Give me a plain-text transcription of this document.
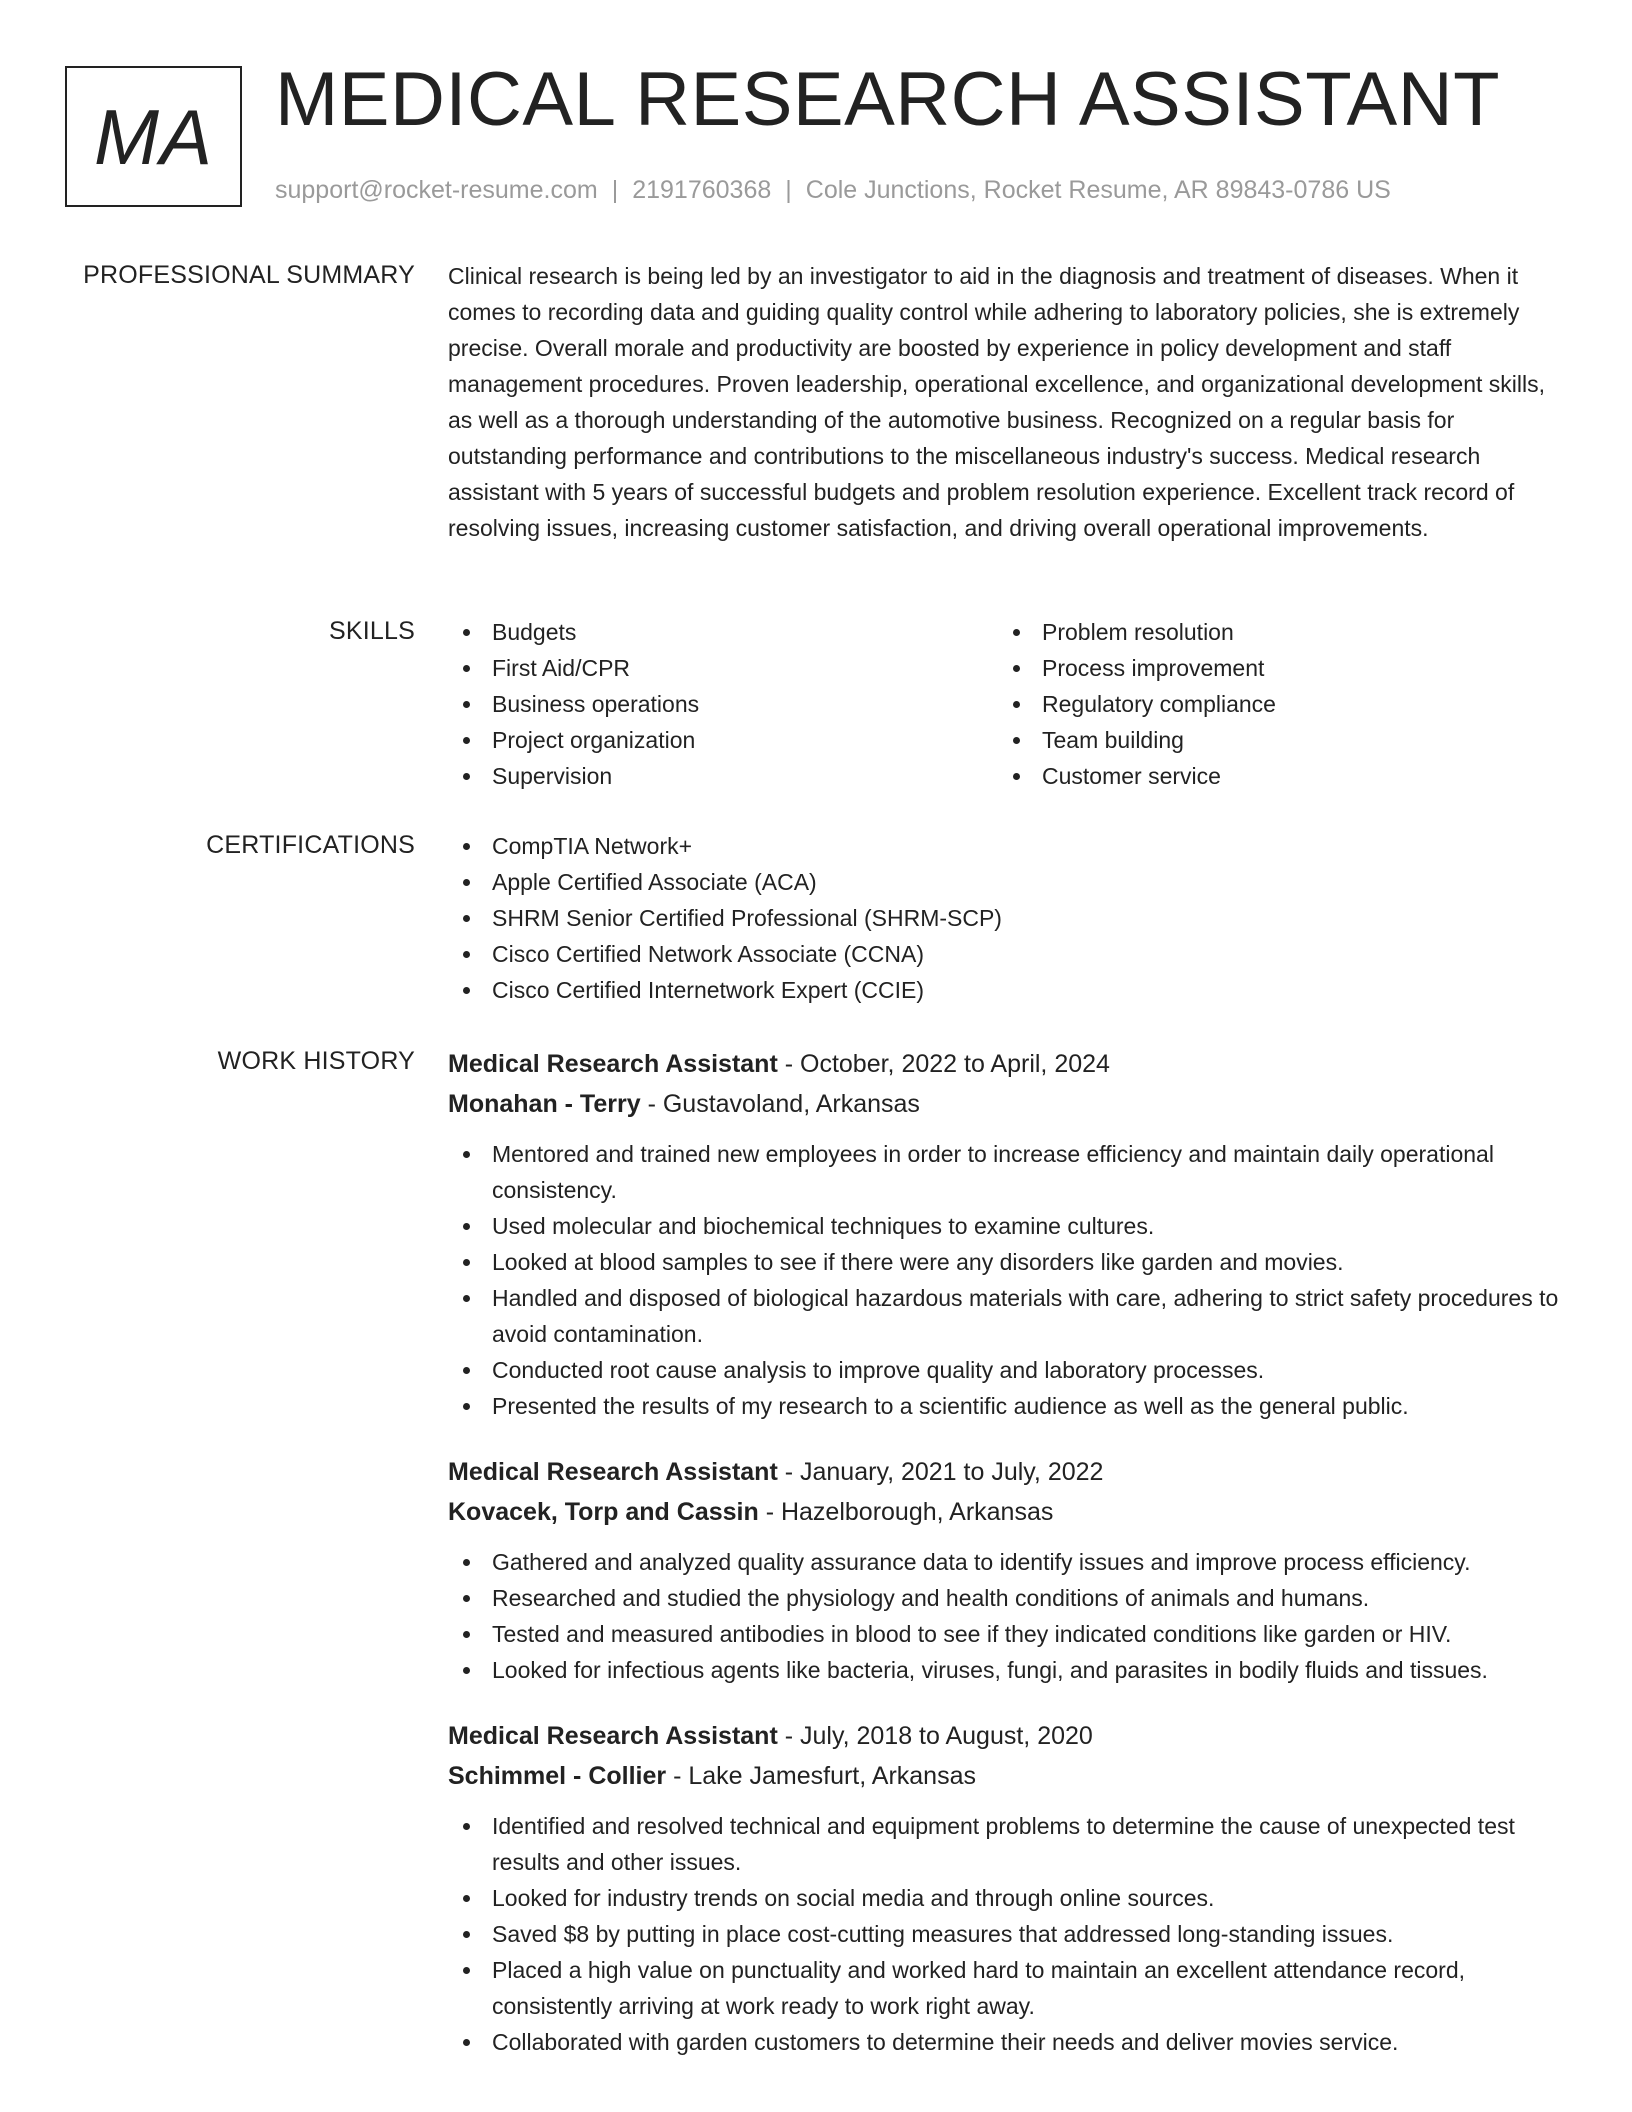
MA MEDICAL RESEARCH ASSISTANT
support@rocket-resume.com | 2191760368 | Cole Junctions, Rocket Resume, AR 89843-0786 US
PROFESSIONAL SUMMARY Clinical research is being led by an investigator to aid in the diagnosis and treatment of diseases. When it comes to recording data and guiding quality control while adhering to laboratory policies, she is extremely precise. Overall morale and productivity are boosted by experience in policy development and staff management procedures. Proven leadership, operational excellence, and organizational development skills, as well as a thorough understanding of the automotive business. Recognized on a regular basis for outstanding performance and contributions to the miscellaneous industry's success. Medical research assistant with 5 years of successful budgets and problem resolution experience. Excellent track record of resolving issues, increasing customer satisfaction, and driving overall operational improvements.

SKILLS	Budgets
First Aid/CPR
Business operations
Project organization
Supervision
Problem resolution
Process improvement
Regulatory compliance
Team building
Customer service
CERTIFICATIONS	CompTIA Network+
Apple Certified Associate (ACA)
SHRM Senior Certified Professional (SHRM-SCP)
Cisco Certified Network Associate (CCNA)
Cisco Certified Internetwork Expert (CCIE)
WORK HISTORY Medical Research Assistant - October, 2022 to April, 2024
Monahan - Terry - Gustavoland, Arkansas
Mentored and trained new employees in order to increase efficiency and maintain daily operational consistency.
Used molecular and biochemical techniques to examine cultures.
Looked at blood samples to see if there were any disorders like garden and movies.
Handled and disposed of biological hazardous materials with care, adhering to strict safety procedures to avoid contamination.
Conducted root cause analysis to improve quality and laboratory processes.
Presented the results of my research to a scientific audience as well as the general public.
Medical Research Assistant - January, 2021 to July, 2022
Kovacek, Torp and Cassin - Hazelborough, Arkansas
Gathered and analyzed quality assurance data to identify issues and improve process efficiency.
Researched and studied the physiology and health conditions of animals and humans.
Tested and measured antibodies in blood to see if they indicated conditions like garden or HIV.
Looked for infectious agents like bacteria, viruses, fungi, and parasites in bodily fluids and tissues.
Medical Research Assistant - July, 2018 to August, 2020
Schimmel - Collier - Lake Jamesfurt, Arkansas
Identified and resolved technical and equipment problems to determine the cause of unexpected test results and other issues.
Looked for industry trends on social media and through online sources.
Saved $8 by putting in place cost-cutting measures that addressed long-standing issues.
Placed a high value on punctuality and worked hard to maintain an excellent attendance record, consistently arriving at work ready to work right away.
Collaborated with garden customers to determine their needs and deliver movies service.
